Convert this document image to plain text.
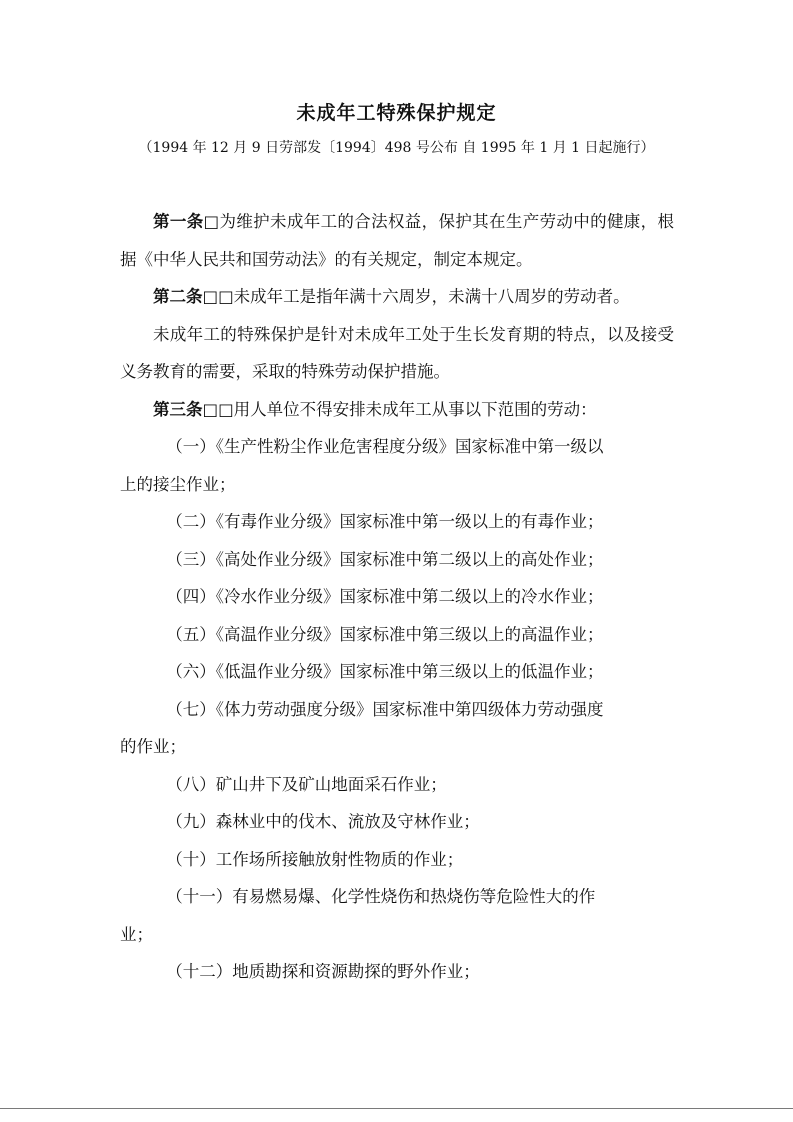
未成年工特殊保护规定
（1994 年 12 月 9 日劳部发〔1994〕498 号公布 自 1995 年 1 月 1 日起施行）

第一条□为维护未成年工的合法权益，保护其在生产劳动中的健康，根据《中华人民共和国劳动法》的有关规定，制定本规定。

第二条□□未成年工是指年满十六周岁，未满十八周岁的劳动者。

未成年工的特殊保护是针对未成年工处于生长发育期的特点，以及接受义务教育的需要，采取的特殊劳动保护措施。

第三条□□用人单位不得安排未成年工从事以下范围的劳动：

（一）《生产性粉尘作业危害程度分级》国家标准中第一级以

上的接尘作业；

（二）《有毒作业分级》国家标准中第一级以上的有毒作业；

（三）《高处作业分级》国家标准中第二级以上的高处作业；

（四）《冷水作业分级》国家标准中第二级以上的冷水作业；

（五）《高温作业分级》国家标准中第三级以上的高温作业；

（六）《低温作业分级》国家标准中第三级以上的低温作业；

（七）《体力劳动强度分级》国家标准中第四级体力劳动强度

的作业；

（八）矿山井下及矿山地面采石作业；

（九）森林业中的伐木、流放及守林作业；

（十）工作场所接触放射性物质的作业；

（十一）有易燃易爆、化学性烧伤和热烧伤等危险性大的作

业；

（十二）地质勘探和资源勘探的野外作业；
